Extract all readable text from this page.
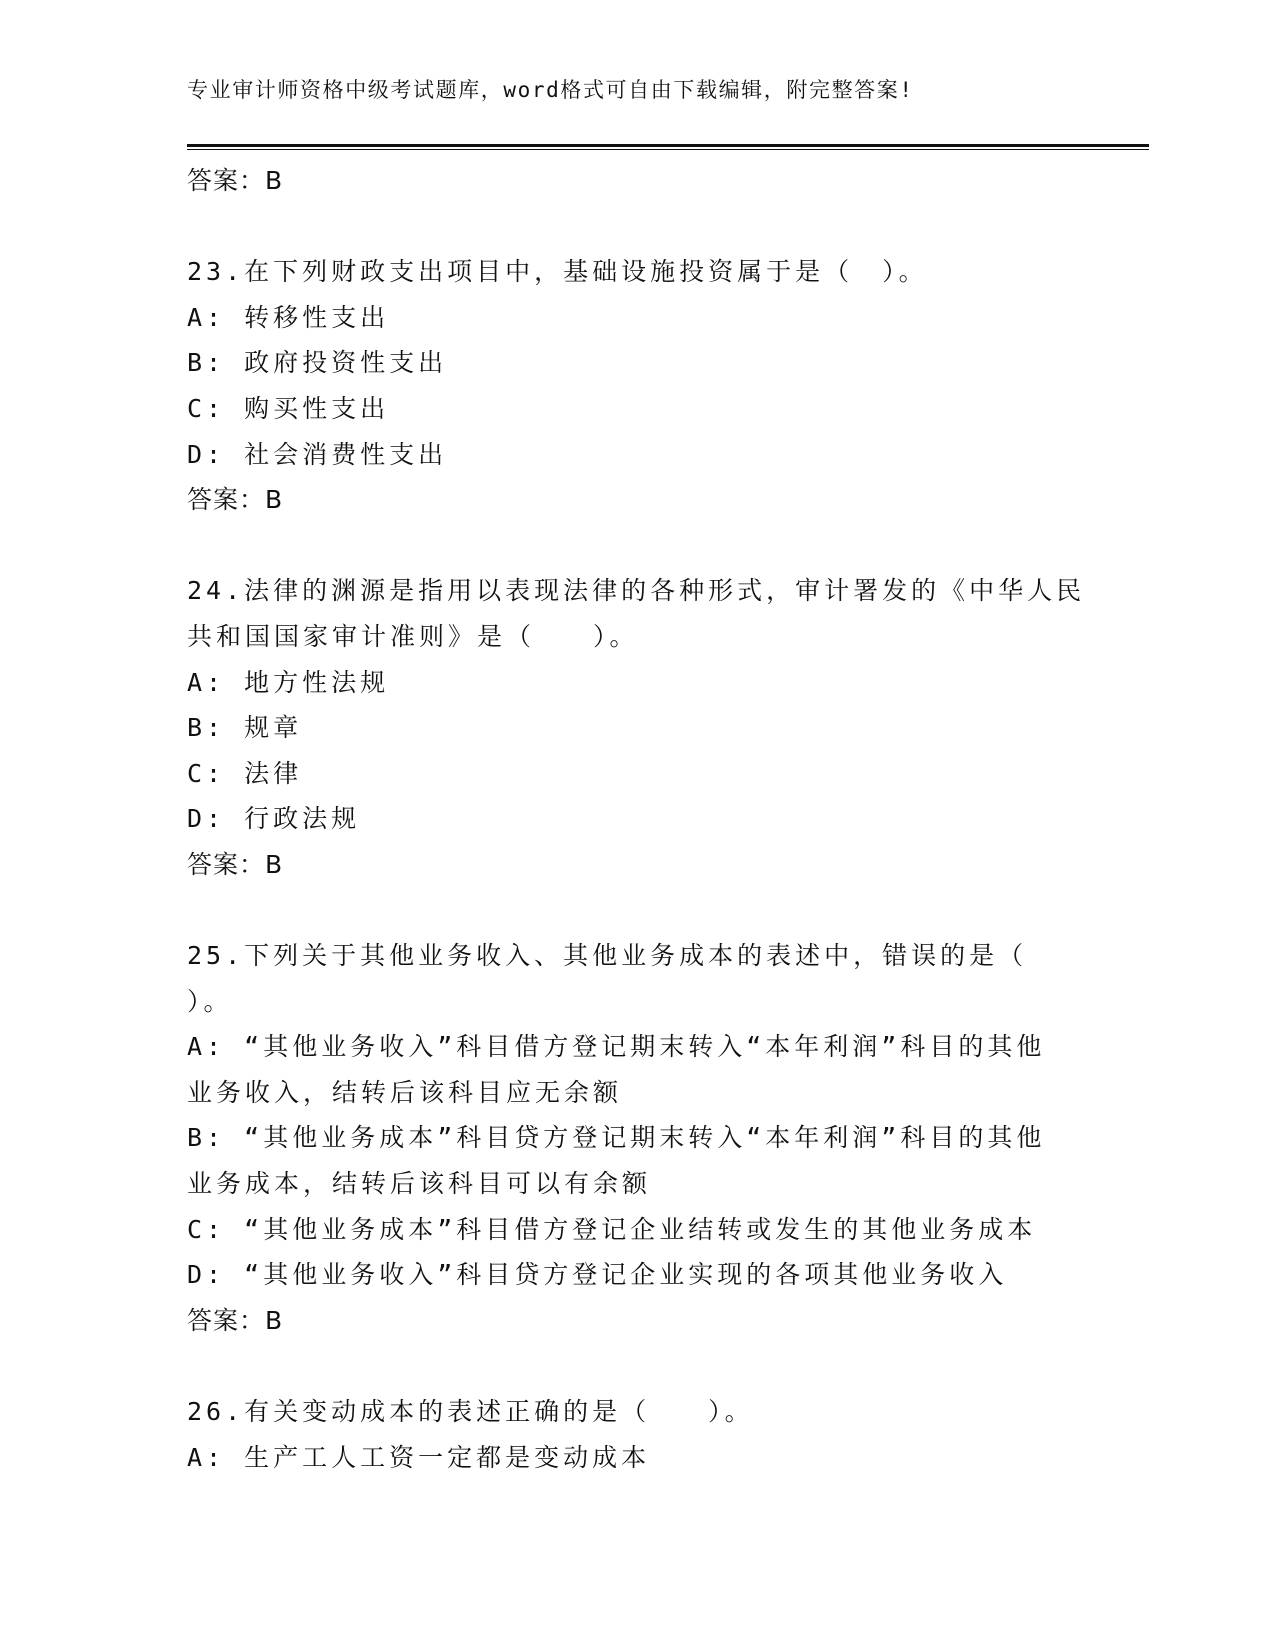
专业审计师资格中级考试题库，word格式可自由下载编辑，附完整答案!
答案：B
23.在下列财政支出项目中，基础设施投资属于是（　）。
A: 转移性支出
B: 政府投资性支出
C: 购买性支出
D: 社会消费性支出
答案：B
24.法律的渊源是指用以表现法律的各种形式，审计署发的《中华人民
共和国国家审计准则》是（　　）。
A: 地方性法规
B: 规章
C: 法律
D: 行政法规
答案：B
25.下列关于其他业务收入、其他业务成本的表述中，错误的是（
）。
A: “其他业务收入”科目借方登记期末转入“本年利润”科目的其他
业务收入，结转后该科目应无余额
B: “其他业务成本”科目贷方登记期末转入“本年利润”科目的其他
业务成本，结转后该科目可以有余额
C: “其他业务成本”科目借方登记企业结转或发生的其他业务成本
D: “其他业务收入”科目贷方登记企业实现的各项其他业务收入
答案：B
26.有关变动成本的表述正确的是（　　）。
A: 生产工人工资一定都是变动成本
